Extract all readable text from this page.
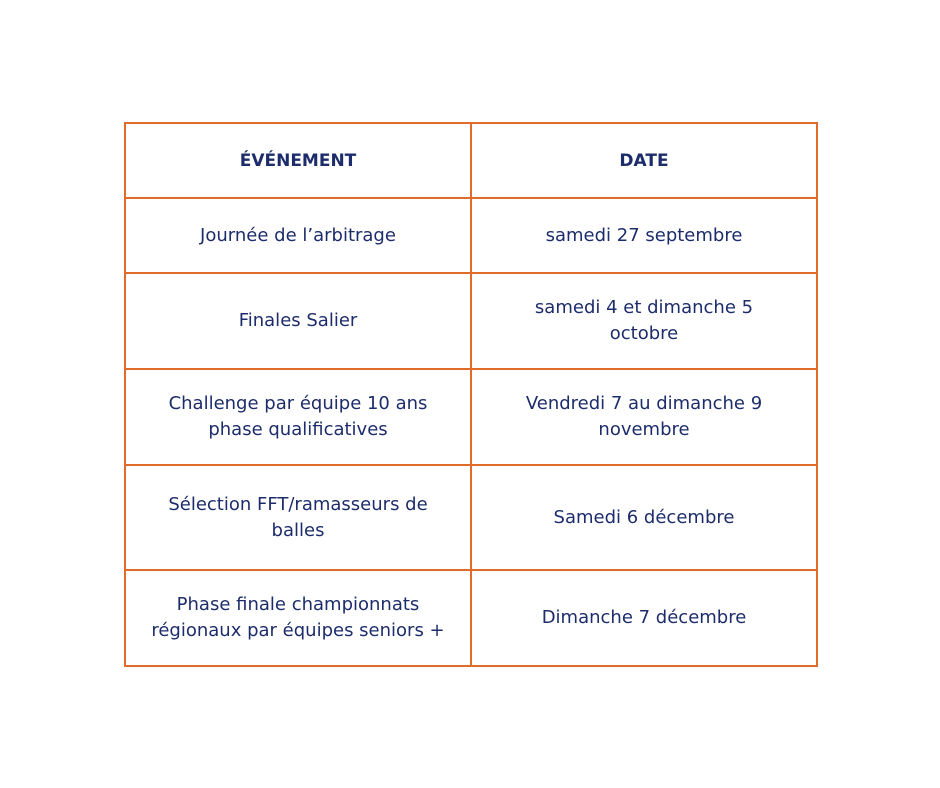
ÉVÉNEMENT	DATE
Journée de l’arbitrage	samedi 27 septembre
Finales Salier	samedi 4 et dimanche 5 octobre
Challenge par équipe 10 ans phase qualificatives	Vendredi 7 au dimanche 9 novembre
Sélection FFT/ramasseurs de balles	Samedi 6 décembre
Phase finale championnats régionaux par équipes seniors +	Dimanche 7 décembre
